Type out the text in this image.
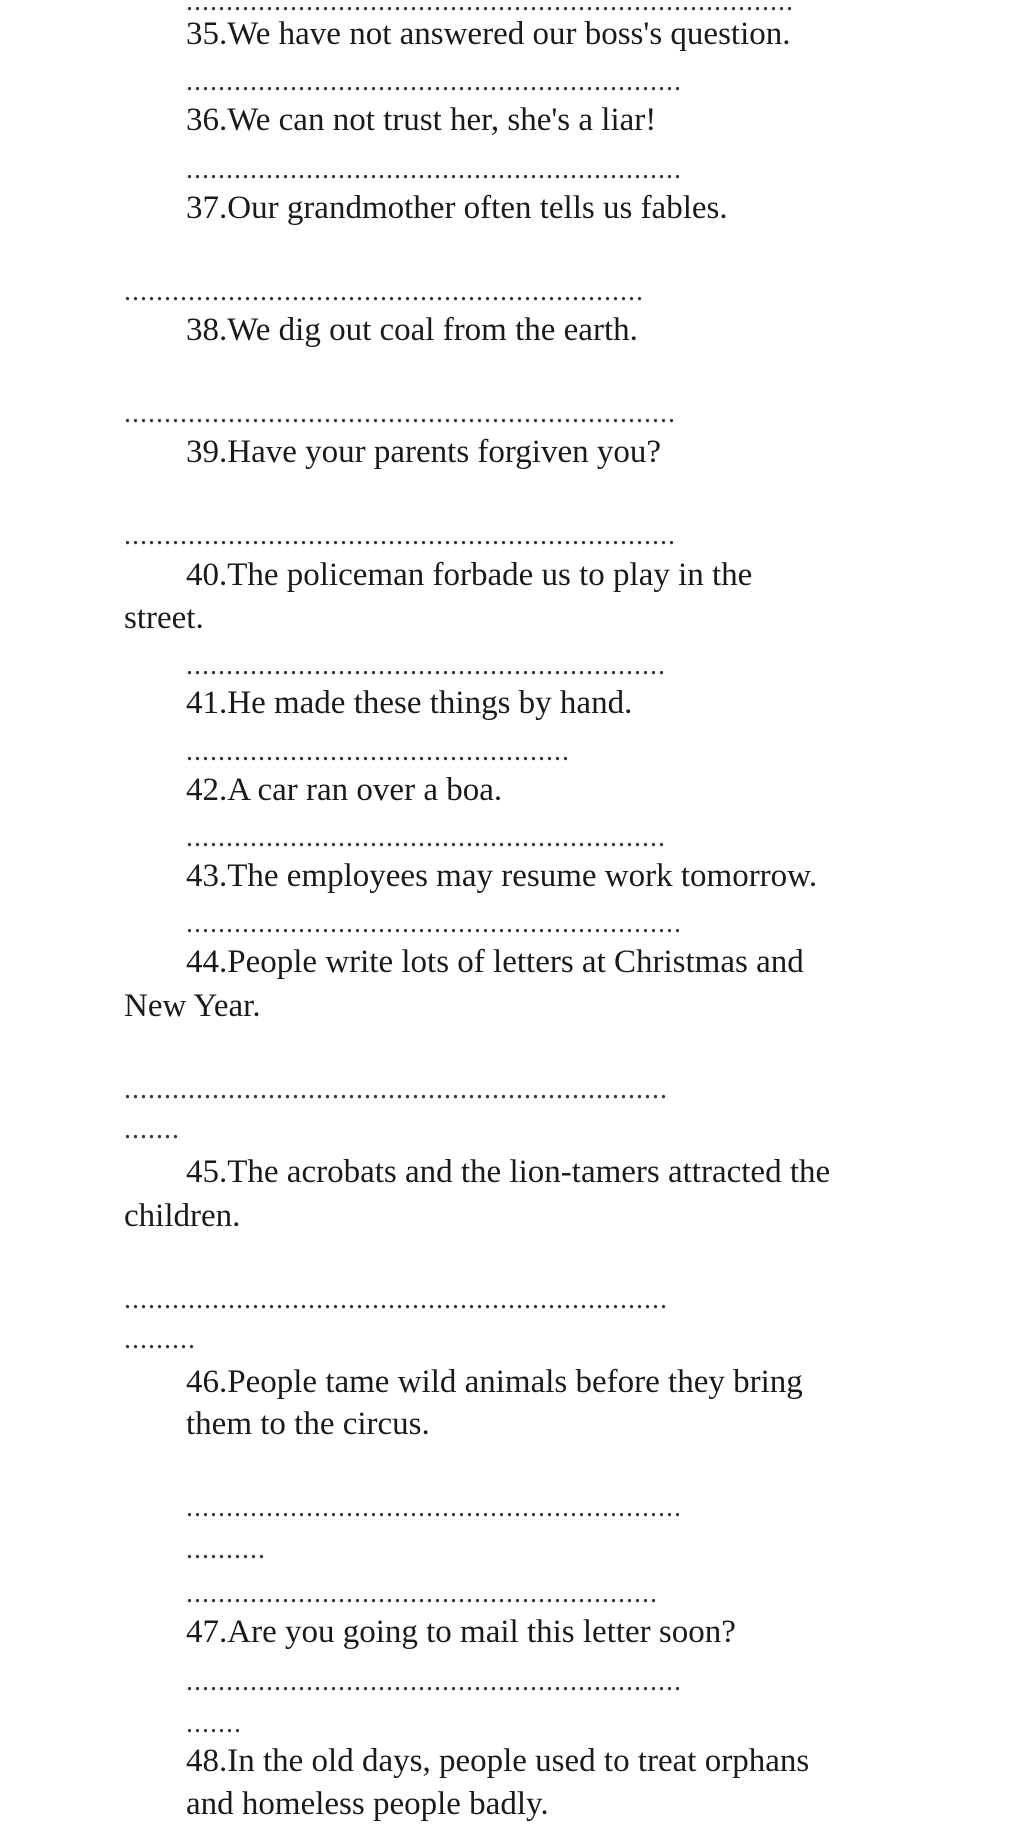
35.We have not answered our boss's question.
..............................................................
36.We can not trust her, she's a liar!
..............................................................
37.Our grandmother often tells us fables.
.................................................................
38.We dig out coal from the earth.
.....................................................................
39.Have your parents forgiven you?
.....................................................................
40.The policeman forbade us to play in the
street.
............................................................
41.He made these things by hand.
................................................
42.A car ran over a boa.
............................................................
43.The employees may resume work tomorrow.
..............................................................
44.People write lots of letters at Christmas and
New Year.
....................................................................
.......
45.The acrobats and the lion-tamers attracted the
children.
....................................................................
.........
46.People tame wild animals before they bring
them to the circus.
..............................................................
..........
...........................................................
47.Are you going to mail this letter soon?
..............................................................
.......
48.In the old days, people used to treat orphans
and homeless people badly.
